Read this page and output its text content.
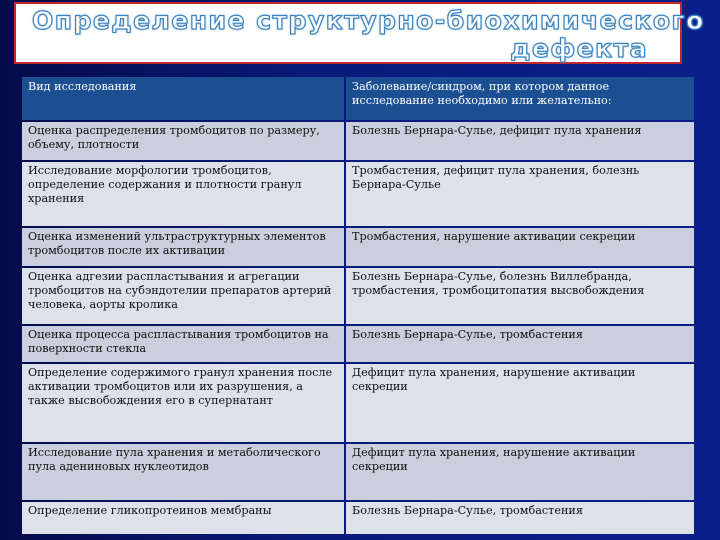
Определение структурно-биохимического
дефекта
Вид исследования	Заболевание/синдром, при котором данное исследование необходимо или желательно:
Оценка распределения тромбоцитов по размеру, объему, плотности	Болезнь Бернара-Сулье, дефицит пула хранения
Исследование морфологии тромбоцитов, определение содержания и плотности гранул хранения	Тромбастения, дефицит пула хранения, болезнь Бернара-Сулье
Оценка изменений ультраструктурных элементов тромбоцитов после их активации	Тромбастения, нарушение активации секреции
Оценка адгезии распластывания и агрегации тромбоцитов на субэндотелии препаратов артерий человека, аорты кролика	Болезнь Бернара-Сулье, болезнь Виллебранда, тромбастения, тромбоцитопатия высвобождения
Оценка процесса распластывания тромбоцитов на поверхности стекла	Болезнь Бернара-Сулье, тромбастения
Определение содержимого гранул хранения после активации тромбоцитов или их разрушения, а также высвобождения его в супернатант	Дефицит пула хранения, нарушение активации секреции
Исследование пула хранения и метаболического пула адениновых нуклеотидов	Дефицит пула хранения, нарушение активации секреции
Определение гликопротеинов мембраны	Болезнь Бернара-Сулье, тромбастения
